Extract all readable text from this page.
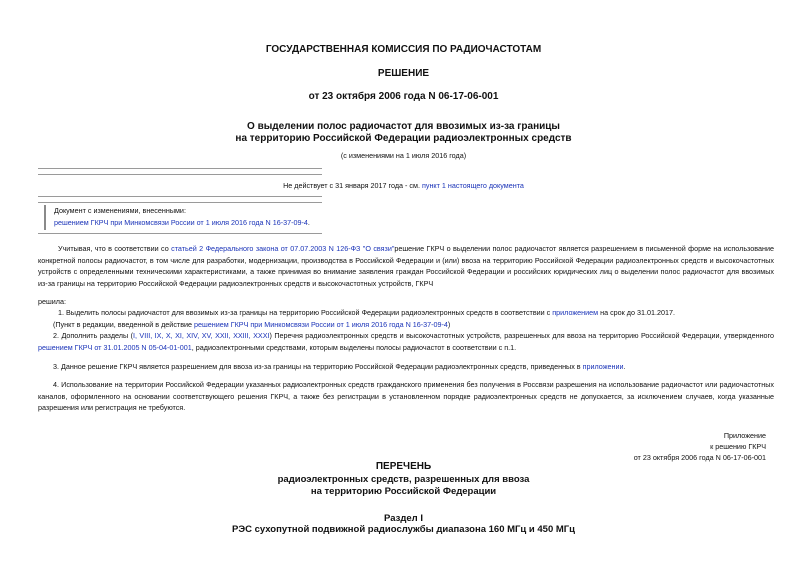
ГОСУДАРСТВЕННАЯ КОМИССИЯ ПО РАДИОЧАСТОТАМ
РЕШЕНИЕ
от 23 октября 2006 года N 06-17-06-001
О выделении полос радиочастот для ввозимых из-за границы
на территорию Российской Федерации радиоэлектронных средств
(с изменениями на 1 июля 2016 года)
Не действует с 31 января 2017 года - см. пункт 1 настоящего документа
Документ с изменениями, внесенными:
решением ГКРЧ при Минкомсвязи России от 1 июля 2016 года N 16-37-09-4.
Учитывая, что в соответствии со статьей 2 Федерального закона от 07.07.2003 N 126-ФЗ "О связи"решение ГКРЧ о выделении полос радиочастот является разрешением в письменной форме на использование конкретной полосы радиочастот, в том числе для разработки, модернизации, производства в Российской Федерации и (или) ввоза на территорию Российской Федерации радиоэлектронных средств и высокочастотных устройств с определенными техническими характеристиками, а также принимая во внимание заявления граждан Российской Федерации и российских юридических лиц о выделении полос радиочастот для ввозимых из-за границы на территорию Российской Федерации радиоэлектронных средств и высокочастотных устройств, ГКРЧ
решила:
1. Выделить полосы радиочастот для ввозимых из-за границы на территорию Российской Федерации радиоэлектронных средств в соответствии с приложением на срок до 31.01.2017.
(Пункт в редакции, введенной в действие решением ГКРЧ при Минкомсвязи России от 1 июля 2016 года N 16-37-09-4)
2. Дополнить разделы (I, VIII, IX, X, XI, XIV, XV, XXII, XXIII, XXXI) Перечня радиоэлектронных средств и высокочастотных устройств, разрешенных для ввоза на территорию Российской Федерации, утвержденного решением ГКРЧ от 31.01.2005 N 05-04-01-001, радиоэлектронными средствами, которым выделены полосы радиочастот в соответствии с п.1.
3. Данное решение ГКРЧ является разрешением для ввоза из-за границы на территорию Российской Федерации радиоэлектронных средств, приведенных в приложении.
4. Использование на территории Российской Федерации указанных радиоэлектронных средств гражданского применения без получения в Россвязи разрешения на использование радиочастот или радиочастотных каналов, оформленного на основании соответствующего решения ГКРЧ, а также без регистрации в установленном порядке радиоэлектронных средств не допускается, за исключением случаев, когда указанные разрешения или регистрация не требуются.
Приложение
к решению ГКРЧ
от 23 октября 2006 года N 06-17-06-001
ПЕРЕЧЕНЬ
радиоэлектронных средств, разрешенных для ввоза
на территорию Российской Федерации
Раздел I
РЭС сухопутной подвижной радиослужбы диапазона 160 МГц и 450 МГц
